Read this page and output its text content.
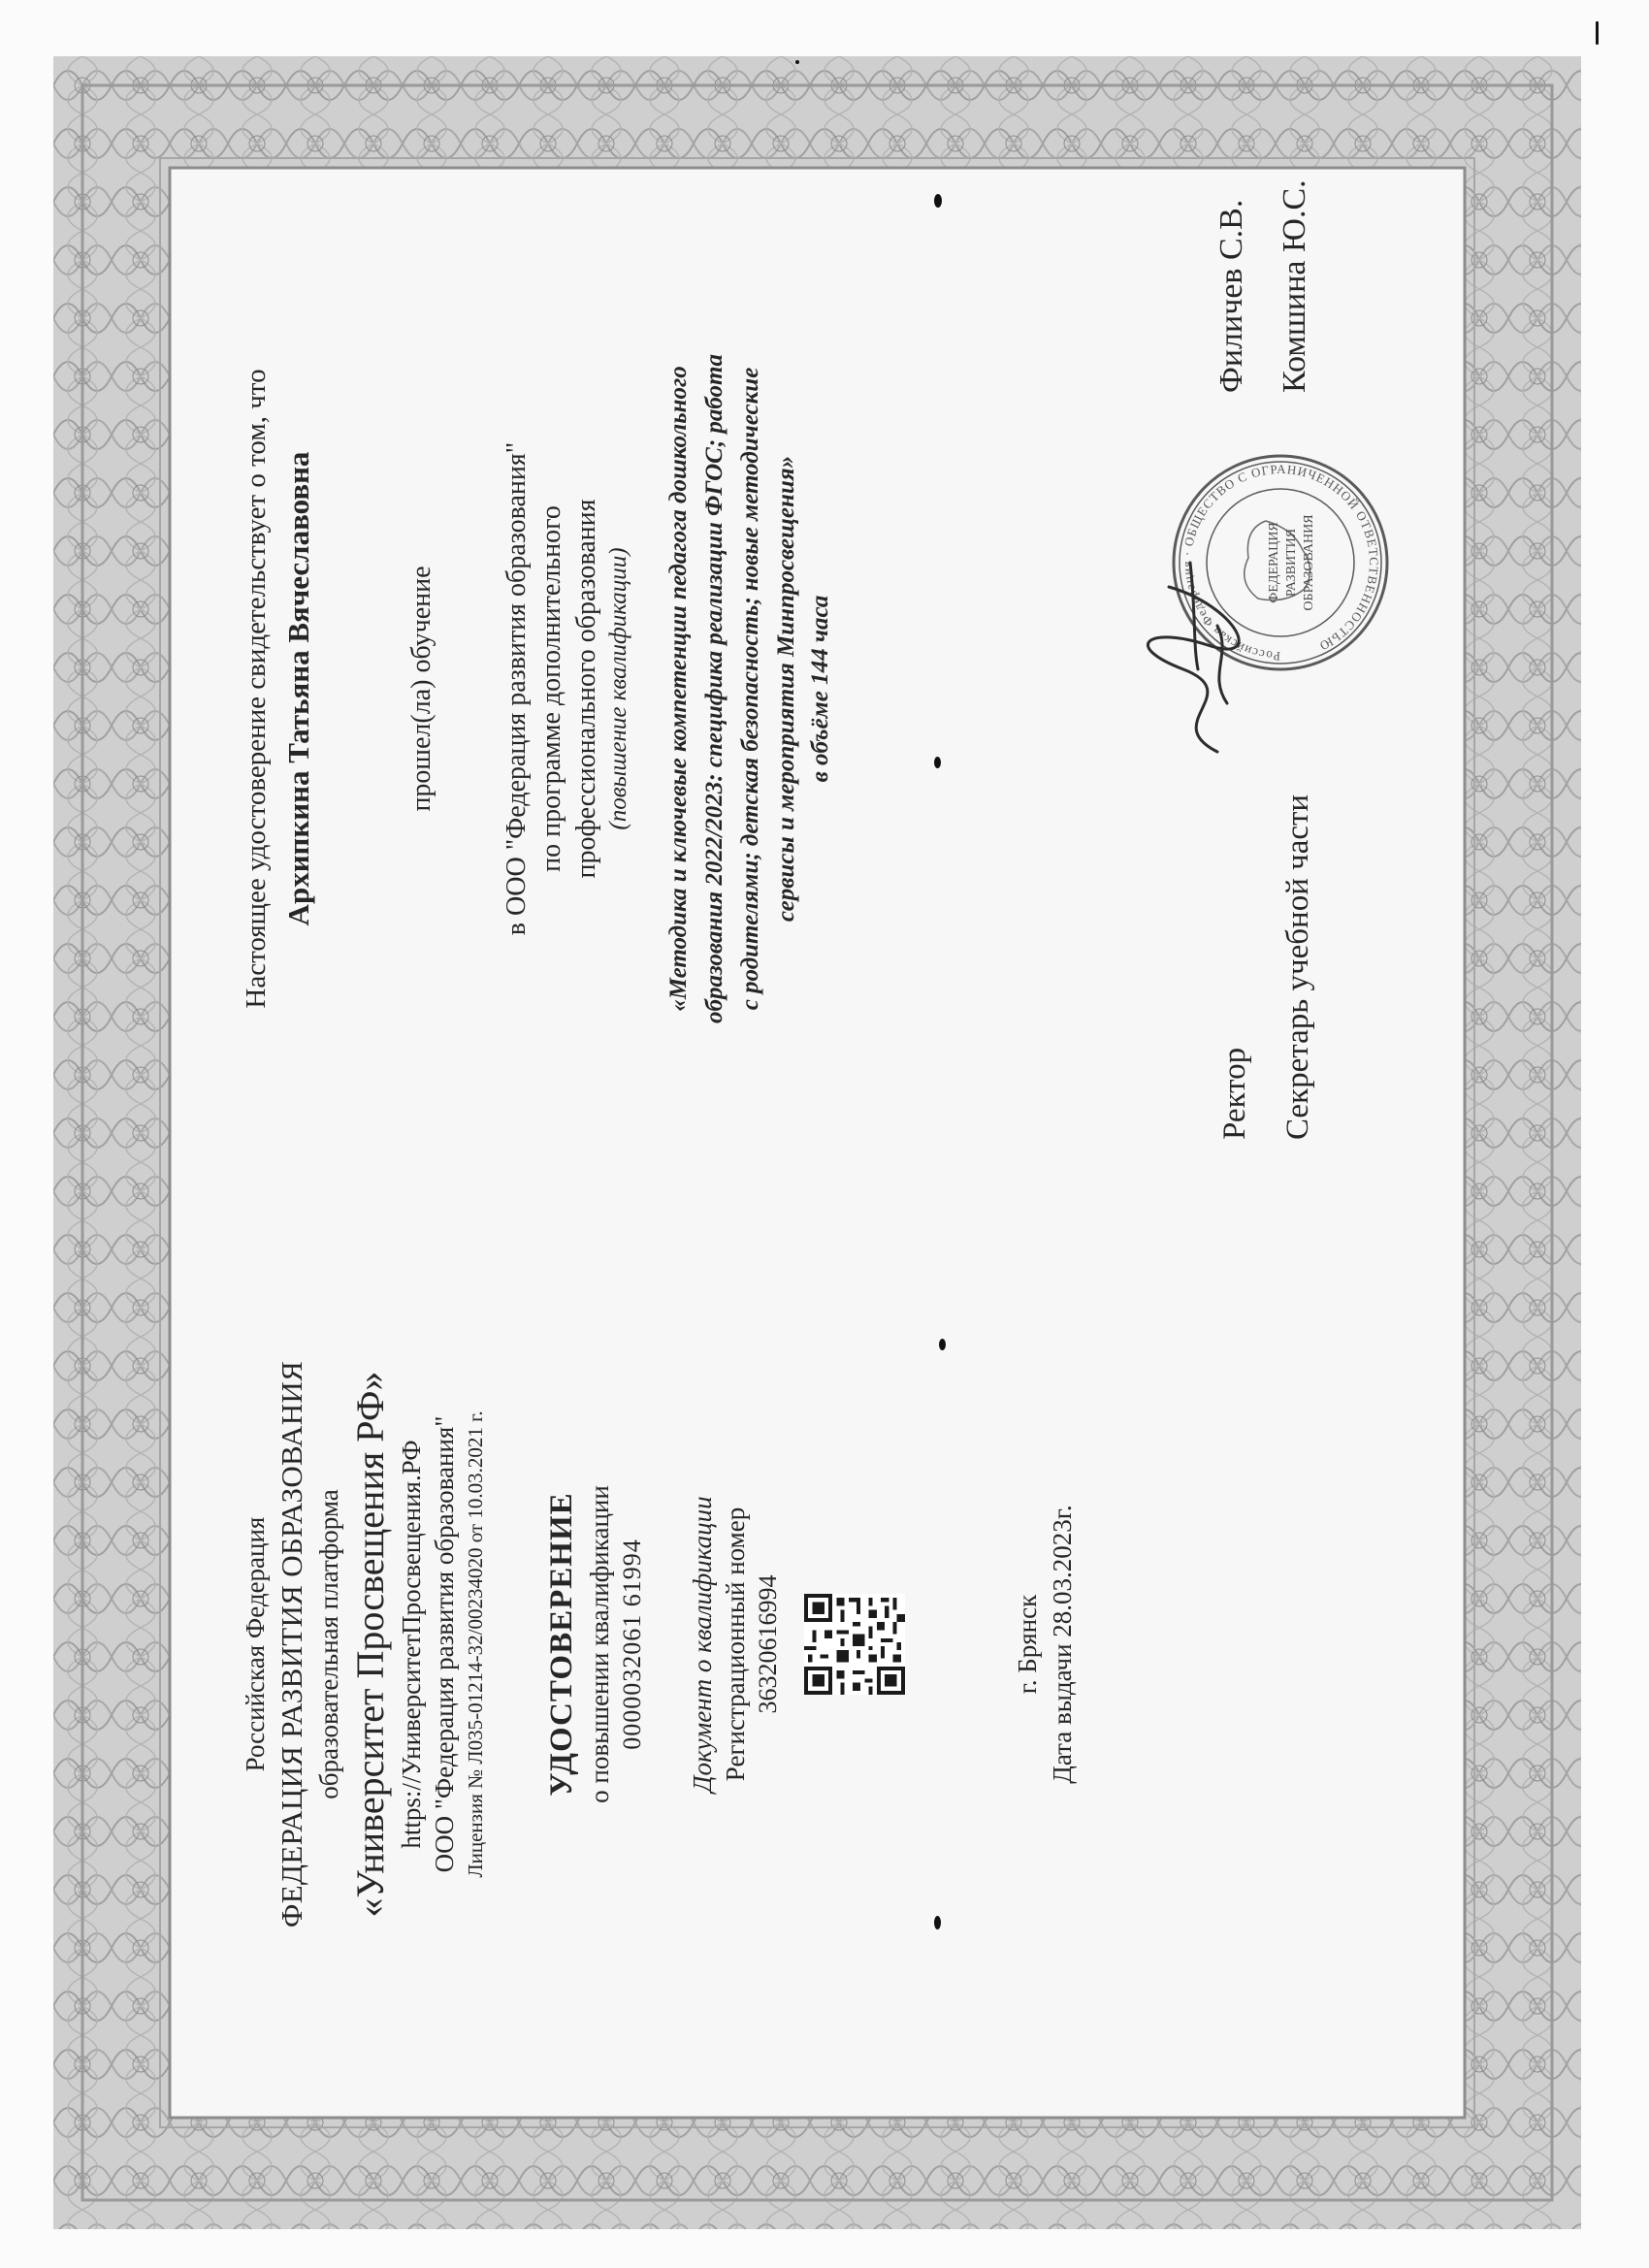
Российская Федерация ФЕДЕРАЦИЯ РАЗВИТИЯ ОБРАЗОВАНИЯ образовательная платформа «Университет Просвещения РФ» https://УниверситетПросвещения.РФ ООО "Федерация развития образования" Лицензия № Л035-01214-32/00234020 от 10.03.2021 г. УДОСТОВЕРЕНИЕ о повышении квалификации 0000032061 61994 Документ о квалификации Регистрационный номер 36320616994	г. Брянск Дата выдачи 28.03.2023г.
Настоящее удостоверение свидетельствует о том, что Архипкина Татьяна Вячеславовна	прошел(ла) обучение в ООО "Федерация развития образования" по программе дополнительного профессионального образования (повышение квалификации) «Методика и ключевые компетенции педагога дошкольного образования 2022/2023: специфика реализации ФГОС; работа с родителями; детская безопасность; новые методические сервисы и мероприятия Минпросвещения» в объёме 144 часа	Российская Федерация · ОБЩЕСТВО С ОГРАНИЧЕННОЙ ОТВЕТСТВЕННОСТЬЮ
ФЕДЕРАЦИЯ РАЗВИТИЯ ОБРАЗОВАНИЯ
Ректор
Филичев С.В.
Секретарь учебной части
Комшина Ю.С.
